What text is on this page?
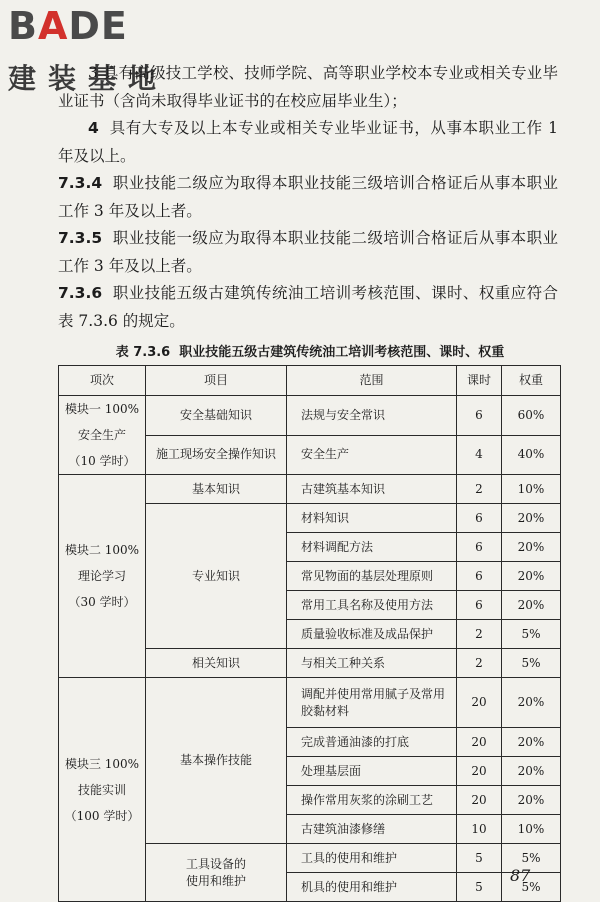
BADE
建装基地

3 具有高级技工学校、技师学院、高等职业学校本专业或相关专业毕业证书（含尚未取得毕业证书的在校应届毕业生）；

4 具有大专及以上本专业或相关专业毕业证书，从事本职业工作 1 年及以上。

7.3.4 职业技能二级应为取得本职业技能三级培训合格证后从事本职业工作 3 年及以上者。

7.3.5 职业技能一级应为取得本职业技能二级培训合格证后从事本职业工作 3 年及以上者。

7.3.6 职业技能五级古建筑传统油工培训考核范围、课时、权重应符合表 7.3.6 的规定。

表 7.3.6 职业技能五级古建筑传统油工培训考核范围、课时、权重
项次	项目	范围	课时	权重
模块一 100%
安全生产
（10 学时）	安全基础知识	法规与安全常识	6	60%
	施工现场安全操作知识	安全生产	4	40%
模块二 100%
理论学习
（30 学时）	基本知识	古建筑基本知识	2	10%
	专业知识	材料知识	6	20%
		材料调配方法	6	20%
		常见物面的基层处理原则	6	20%
		常用工具名称及使用方法	6	20%
		质量验收标准及成品保护	2	5%
	相关知识	与相关工种关系	2	5%
模块三 100%
技能实训
（100 学时）	基本操作技能	调配并使用常用腻子及常用胶黏材料	20	20%
		完成普通油漆的打底	20	20%
		处理基层面	20	20%
		操作常用灰浆的涂刷工艺	20	20%
		古建筑油漆修缮	10	10%
	工具设备的
使用和维护	工具的使用和维护	5	5%
		机具的使用和维护	5	5%
87
